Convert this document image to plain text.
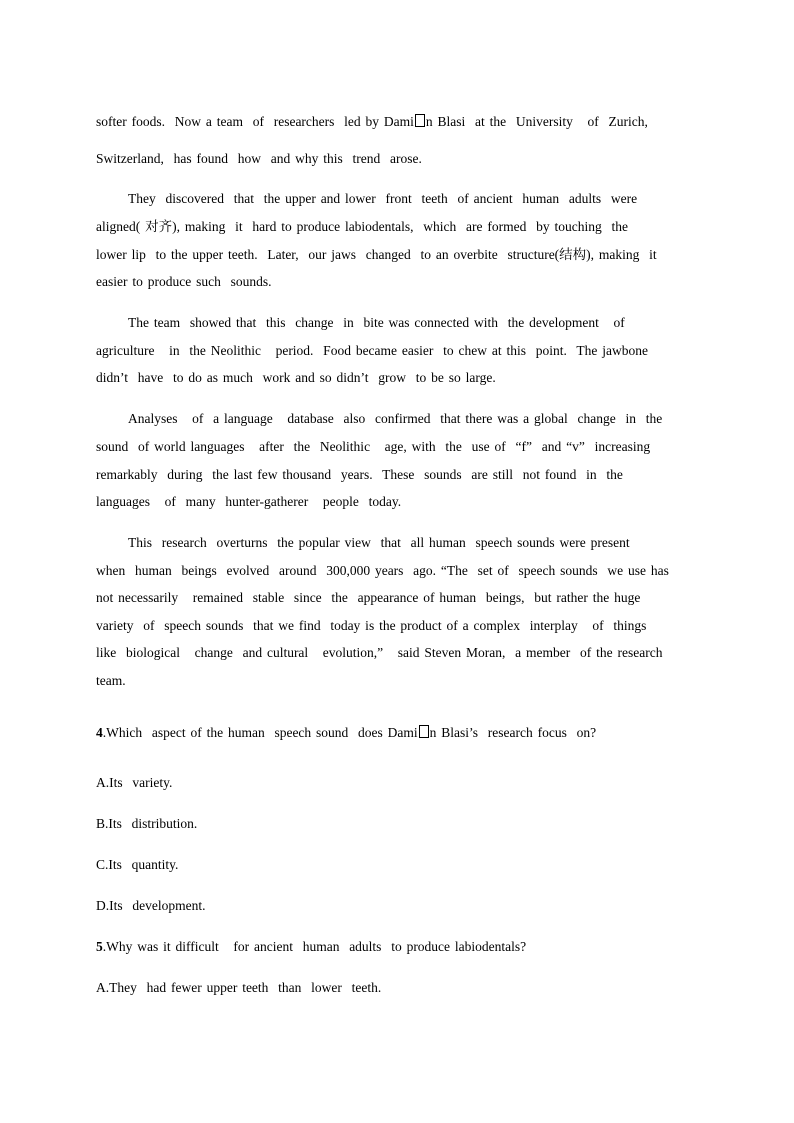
softer foods.  Now a team  of  researchers  led by Dami n Blasi  at the  University   of  Zurich,
Switzerland,  has found  how  and why this  trend  arose.
They  discovered  that  the upper and lower  front  teeth  of ancient  human  adults  were
aligned( 对齐), making  it  hard to produce labiodentals,  which  are formed  by touching  the
lower lip  to the upper teeth.  Later,  our jaws  changed  to an overbite  structure(结构), making  it
easier to produce such  sounds.
The team  showed that  this  change  in  bite was connected with  the development   of
agriculture   in  the Neolithic   period.  Food became easier  to chew at this  point.  The jawbone
didn’t  have  to do as much  work and so didn’t  grow  to be so large.
Analyses   of  a language   database  also  confirmed  that there was a global  change  in  the
sound  of world languages   after  the  Neolithic   age, with  the  use of  “f”  and “v”  increasing
remarkably  during  the last few thousand  years.  These  sounds  are still  not found  in  the
languages   of  many  hunter-gatherer   people  today.
This  research  overturns  the popular view  that  all human  speech sounds were present
when  human  beings  evolved  around  300,000 years  ago. “The  set of  speech sounds  we use has
not necessarily   remained  stable  since  the  appearance of human  beings,  but rather the huge
variety  of  speech sounds  that we find  today is the product of a complex  interplay   of  things
like  biological   change  and cultural   evolution,”   said Steven Moran,  a member  of the research
team.
4.Which  aspect of the human  speech sound  does Dami n Blasi’s  research focus  on?
A.Its  variety.
B.Its  distribution.
C.Its  quantity.
D.Its  development.
5.Why was it difficult   for ancient  human  adults  to produce labiodentals?
A.They  had fewer upper teeth  than  lower  teeth.
